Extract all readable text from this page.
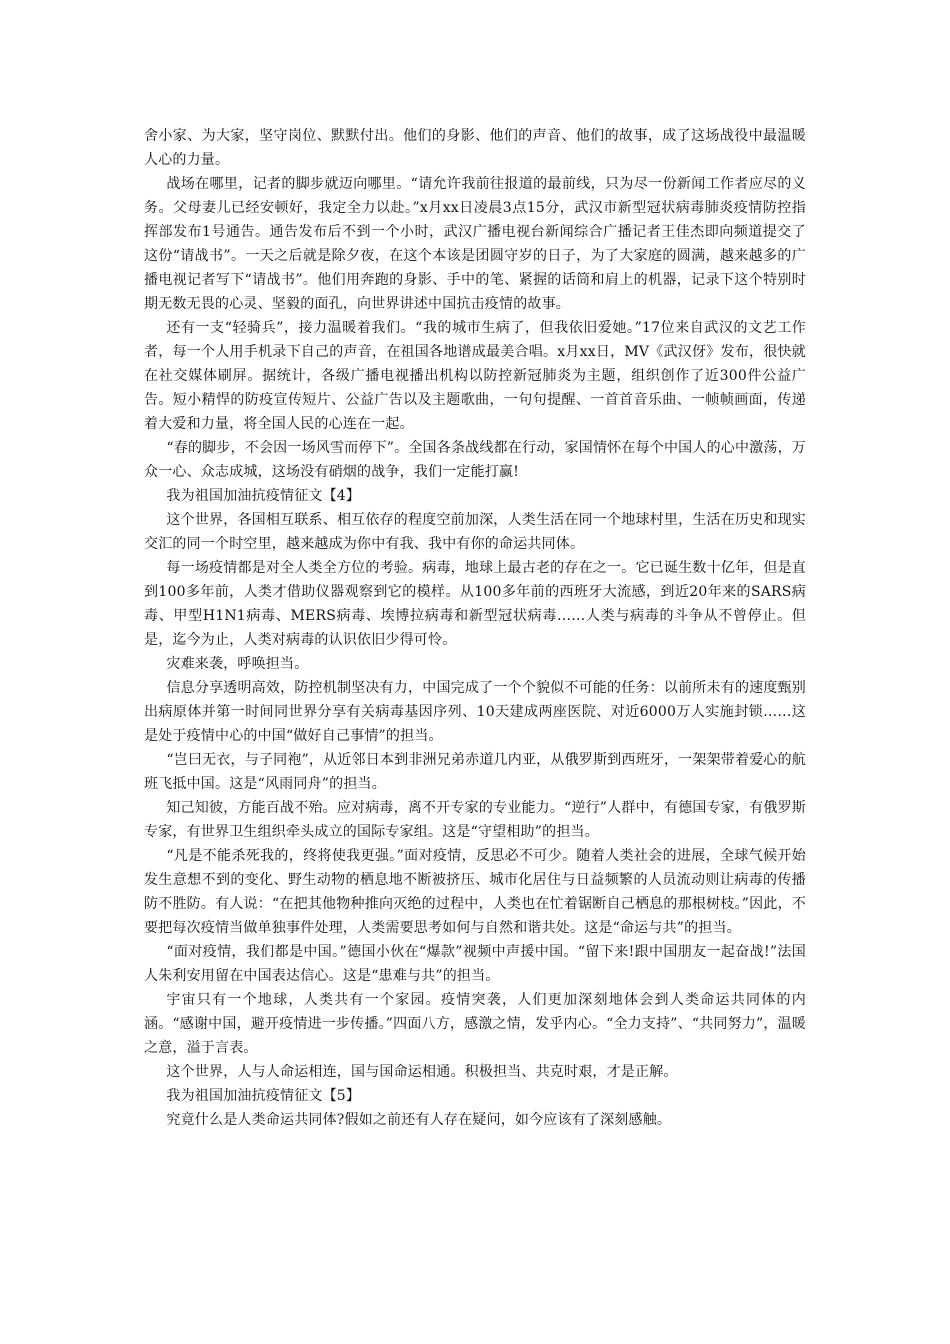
舍小家、为大家，坚守岗位、默默付出。他们的身影、他们的声音、他们的故事，成了这场战役中最温暖人心的力量。

战场在哪里，记者的脚步就迈向哪里。“请允许我前往报道的最前线，只为尽一份新闻工作者应尽的义务。父母妻儿已经安顿好，我定全力以赴。”x月xx日凌晨3点15分，武汉市新型冠状病毒肺炎疫情防控指挥部发布1号通告。通告发布后不到一个小时，武汉广播电视台新闻综合广播记者王佳杰即向频道提交了这份“请战书”。一天之后就是除夕夜，在这个本该是团圆守岁的日子，为了大家庭的圆满，越来越多的广播电视记者写下“请战书”。他们用奔跑的身影、手中的笔、紧握的话筒和肩上的机器，记录下这个特别时期无数无畏的心灵、坚毅的面孔，向世界讲述中国抗击疫情的故事。

还有一支“轻骑兵”，接力温暖着我们。“我的城市生病了，但我依旧爱她。”17位来自武汉的文艺工作者，每一个人用手机录下自己的声音，在祖国各地谱成最美合唱。x月xx日，MV《武汉伢》发布，很快就在社交媒体刷屏。据统计，各级广播电视播出机构以防控新冠肺炎为主题，组织创作了近300件公益广告。短小精悍的防疫宣传短片、公益广告以及主题歌曲，一句句提醒、一首首音乐曲、一帧帧画面，传递着大爱和力量，将全国人民的心连在一起。

“春的脚步，不会因一场风雪而停下”。全国各条战线都在行动，家国情怀在每个中国人的心中激荡，万众一心、众志成城，这场没有硝烟的战争，我们一定能打赢!

我为祖国加油抗疫情征文【4】

这个世界，各国相互联系、相互依存的程度空前加深，人类生活在同一个地球村里，生活在历史和现实交汇的同一个时空里，越来越成为你中有我、我中有你的命运共同体。

每一场疫情都是对全人类全方位的考验。病毒，地球上最古老的存在之一。它已诞生数十亿年，但是直到100多年前，人类才借助仪器观察到它的模样。从100多年前的西班牙大流感，到近20年来的SARS病毒、甲型H1N1病毒、MERS病毒、埃博拉病毒和新型冠状病毒……人类与病毒的斗争从不曾停止。但是，迄今为止，人类对病毒的认识依旧少得可怜。

灾难来袭，呼唤担当。

信息分享透明高效，防控机制坚决有力，中国完成了一个个貌似不可能的任务：以前所未有的速度甄别出病原体并第一时间同世界分享有关病毒基因序列、10天建成两座医院、对近6000万人实施封锁……这是处于疫情中心的中国“做好自己事情”的担当。

“岂曰无衣，与子同袍”，从近邻日本到非洲兄弟赤道几内亚，从俄罗斯到西班牙，一架架带着爱心的航班飞抵中国。这是“风雨同舟”的担当。

知己知彼，方能百战不殆。应对病毒，离不开专家的专业能力。“逆行”人群中，有德国专家，有俄罗斯专家，有世界卫生组织牵头成立的国际专家组。这是“守望相助”的担当。

“凡是不能杀死我的，终将使我更强。”面对疫情，反思必不可少。随着人类社会的进展，全球气候开始发生意想不到的变化、野生动物的栖息地不断被挤压、城市化居住与日益频繁的人员流动则让病毒的传播防不胜防。有人说：“在把其他物种推向灭绝的过程中，人类也在忙着锯断自己栖息的那根树枝。”因此，不要把每次疫情当做单独事件处理，人类需要思考如何与自然和谐共处。这是“命运与共”的担当。

“面对疫情，我们都是中国。”德国小伙在“爆款”视频中声援中国。“留下来!跟中国朋友一起奋战!”法国人朱利安用留在中国表达信心。这是“患难与共”的担当。

宇宙只有一个地球，人类共有一个家园。疫情突袭，人们更加深刻地体会到人类命运共同体的内涵。“感谢中国，避开疫情进一步传播。”四面八方，感激之情，发乎内心。“全力支持”、“共同努力”，温暖之意，溢于言表。

这个世界，人与人命运相连，国与国命运相通。积极担当、共克时艰，才是正解。

我为祖国加油抗疫情征文【5】

究竟什么是人类命运共同体?假如之前还有人存在疑问，如今应该有了深刻感触。
